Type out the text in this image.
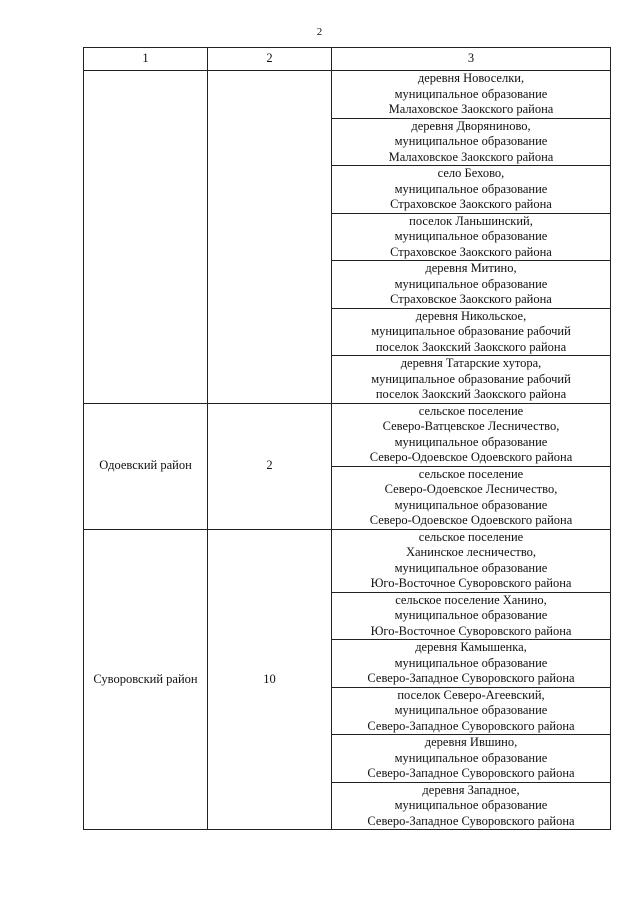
2
1	2	3

		деревня Новоселки,
муниципальное образование
Малаховское Заокского района

		деревня Дворяниново,
муниципальное образование
Малаховское Заокского района

		село Бехово,
муниципальное образование
Страховское Заокского района

		поселок Ланьшинский,
муниципальное образование
Страховское Заокского района

		деревня Митино,
муниципальное образование
Страховское Заокского района

		деревня Никольское,
муниципальное образование рабочий
поселок Заокский Заокского района

		деревня Татарские хутора,
муниципальное образование рабочий
поселок Заокский Заокского района

Одоевский район	2	сельское поселение
Северо-Ватцевское Лесничество,
муниципальное образование
Северо-Одоевское Одоевского района

		сельское поселение
Северо-Одоевское Лесничество,
муниципальное образование
Северо-Одоевское Одоевского района

Суворовский район	10	сельское поселение
Ханинское лесничество,
муниципальное образование
Юго-Восточное Суворовского района

		сельское поселение Ханино,
муниципальное образование
Юго-Восточное Суворовского района

		деревня Камышенка,
муниципальное образование
Северо-Западное Суворовского района

		поселок Северо-Агеевский,
муниципальное образование
Северо-Западное Суворовского района

		деревня Ившино,
муниципальное образование
Северо-Западное Суворовского района

		деревня Западное,
муниципальное образование
Северо-Западное Суворовского района
